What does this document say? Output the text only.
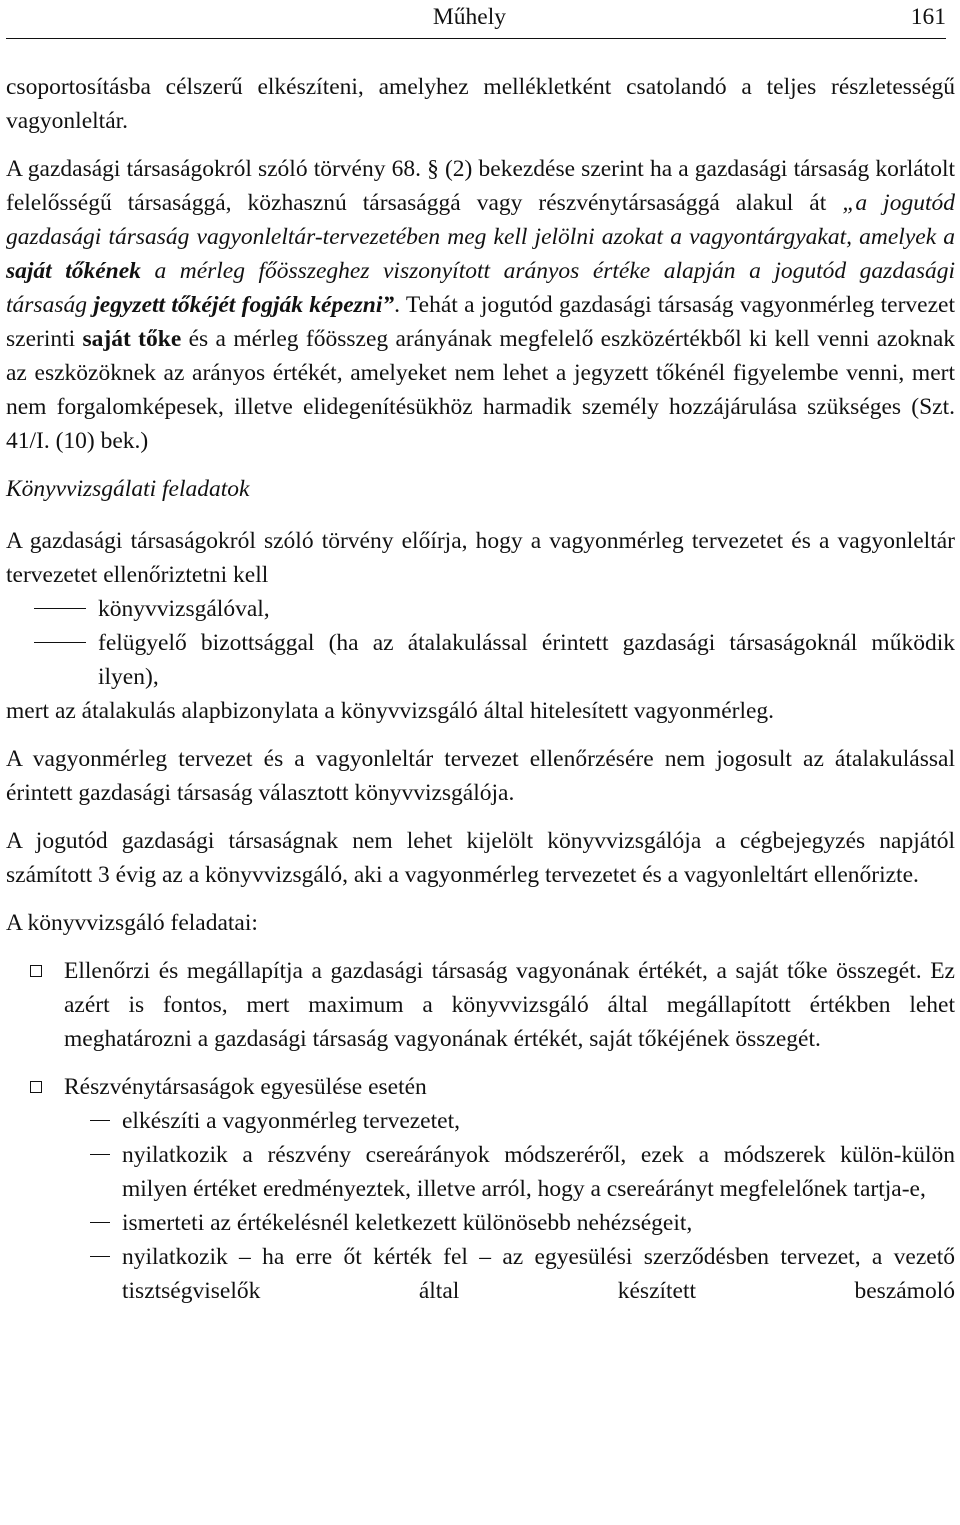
Műhely	161

csoportosításba célszerű elkészíteni, amelyhez mellékletként csatolandó a teljes részletességű vagyonleltár.

A gazdasági társaságokról szóló törvény 68. § (2) bekezdése szerint ha a gazdasági társaság korlátolt felelősségű társasággá, közhasznú társasággá vagy részvénytársasággá alakul át „a jogutód gazdasági társaság vagyonleltár-tervezetében meg kell jelölni azokat a vagyontárgyakat, amelyek a saját tőkének a mérleg főösszeghez viszonyított arányos értéke alapján a jogutód gazdasági társaság jegyzett tőkéjét fogják képezni”. Tehát a jogutód gazdasági társaság vagyonmérleg tervezet szerinti saját tőke és a mérleg főösszeg arányának megfelelő eszközértékből ki kell venni azoknak az eszközöknek az arányos értékét, amelyeket nem lehet a jegyzett tőkénél figyelembe venni, mert nem forgalomképesek, illetve elidegenítésükhöz harmadik személy hozzájárulása szükséges (Szt. 41/I. (10) bek.)

Könyvvizsgálati feladatok

A gazdasági társaságokról szóló törvény előírja, hogy a vagyonmérleg tervezetet és a vagyonleltár tervezetet ellenőriztetni kell

könyvvizsgálóval,
felügyelő bizottsággal (ha az átalakulással érintett gazdasági társaságoknál működik ilyen),

mert az átalakulás alapbizonylata a könyvvizsgáló által hitelesített vagyonmérleg.

A vagyonmérleg tervezet és a vagyonleltár tervezet ellenőrzésére nem jogosult az átalakulással érintett gazdasági társaság választott könyvvizsgálója.

A jogutód gazdasági társaságnak nem lehet kijelölt könyvvizsgálója a cégbejegyzés napjától számított 3 évig az a könyvvizsgáló, aki a vagyonmérleg tervezetet és a vagyonleltárt ellenőrizte.

A könyvvizsgáló feladatai:

Ellenőrzi és megállapítja a gazdasági társaság vagyonának értékét, a saját tőke összegét. Ez azért is fontos, mert maximum a könyvvizsgáló által megállapított értékben lehet meghatározni a gazdasági társaság vagyonának értékét, saját tőkéjének összegét.
Részvénytársaságok egyesülése esetén
elkészíti a vagyonmérleg tervezetet,
nyilatkozik a részvény csereárányok módszeréről, ezek a módszerek külön-külön milyen értéket eredményeztek, illetve arról, hogy a csereárányt megfelelőnek tartja-e,
ismerteti az értékelésnél keletkezett különösebb nehézségeit,
nyilatkozik – ha erre őt kérték fel – az egyesülési szerződésben tervezet, a vezető tisztségviselők által készített beszámoló
